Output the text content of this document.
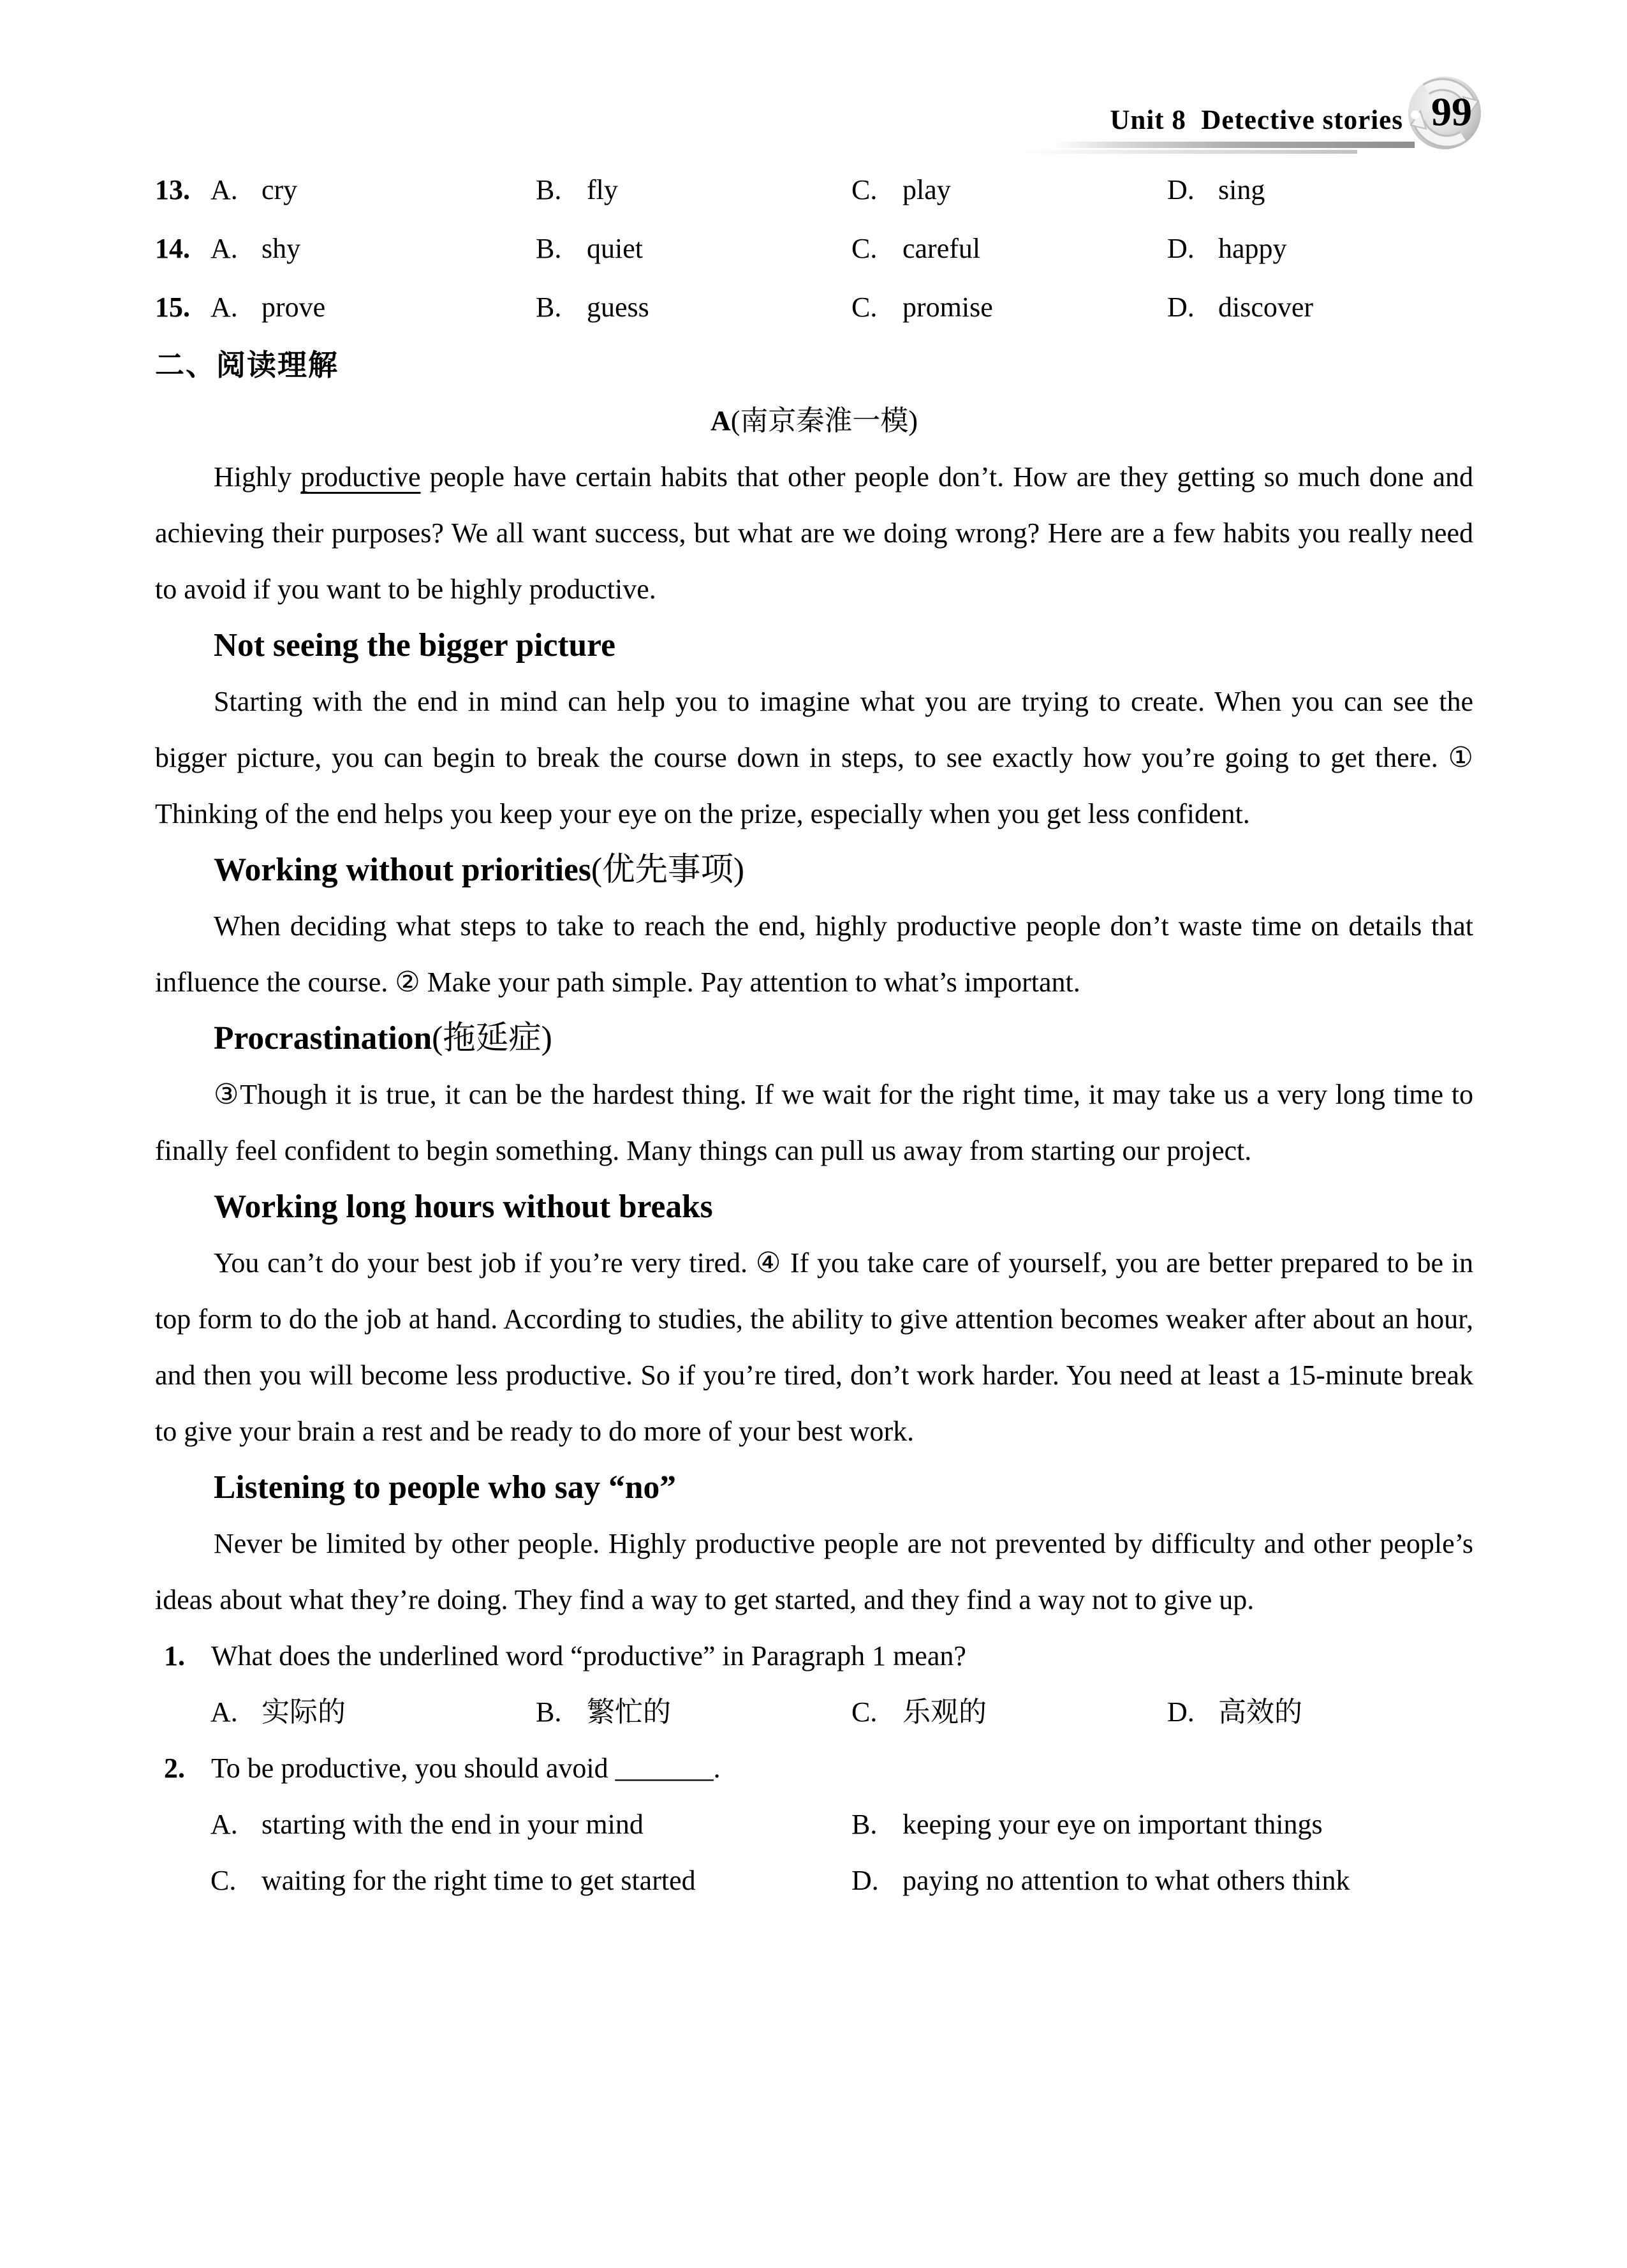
Unit 8  Detective stories 99
13. A. cry	B. fly	C. play	D. sing
14. A. shy	B. quiet	C. careful	D. happy
15. A. prove	B. guess	C. promise	D. discover
二、阅读理解
A(南京秦淮一模)

Highly productive people have certain habits that other people don’t. How are they getting so much done and achieving their purposes? We all want success, but what are we doing wrong? Here are a few habits you really need to avoid if you want to be highly productive.

Not seeing the bigger picture

Starting with the end in mind can help you to imagine what you are trying to create. When you can see the bigger picture, you can begin to break the course down in steps, to see exactly how you’re going to get there. ① Thinking of the end helps you keep your eye on the prize, especially when you get less confident.

Working without priorities(优先事项)

When deciding what steps to take to reach the end, highly productive people don’t waste time on details that influence the course. ② Make your path simple. Pay attention to what’s important.

Procrastination(拖延症)

③Though it is true, it can be the hardest thing. If we wait for the right time, it may take us a very long time to finally feel confident to begin something. Many things can pull us away from starting our project.

Working long hours without breaks

You can’t do your best job if you’re very tired. ④ If you take care of yourself, you are better prepared to be in top form to do the job at hand. According to studies, the ability to give attention becomes weaker after about an hour, and then you will become less productive. So if you’re tired, don’t work harder. You need at least a 15-minute break to give your brain a rest and be ready to do more of your best work.

Listening to people who say “no”

Never be limited by other people. Highly productive people are not prevented by difficulty and other people’s ideas about what they’re doing. They find a way to get started, and they find a way not to give up.

1. What does the underlined word “productive” in Paragraph 1 mean?
A. 实际的	B. 繁忙的	C. 乐观的	D. 高效的
2. To be productive, you should avoid _______.
A. starting with the end in your mind	B. keeping your eye on important things
C. waiting for the right time to get started	D. paying no attention to what others think
